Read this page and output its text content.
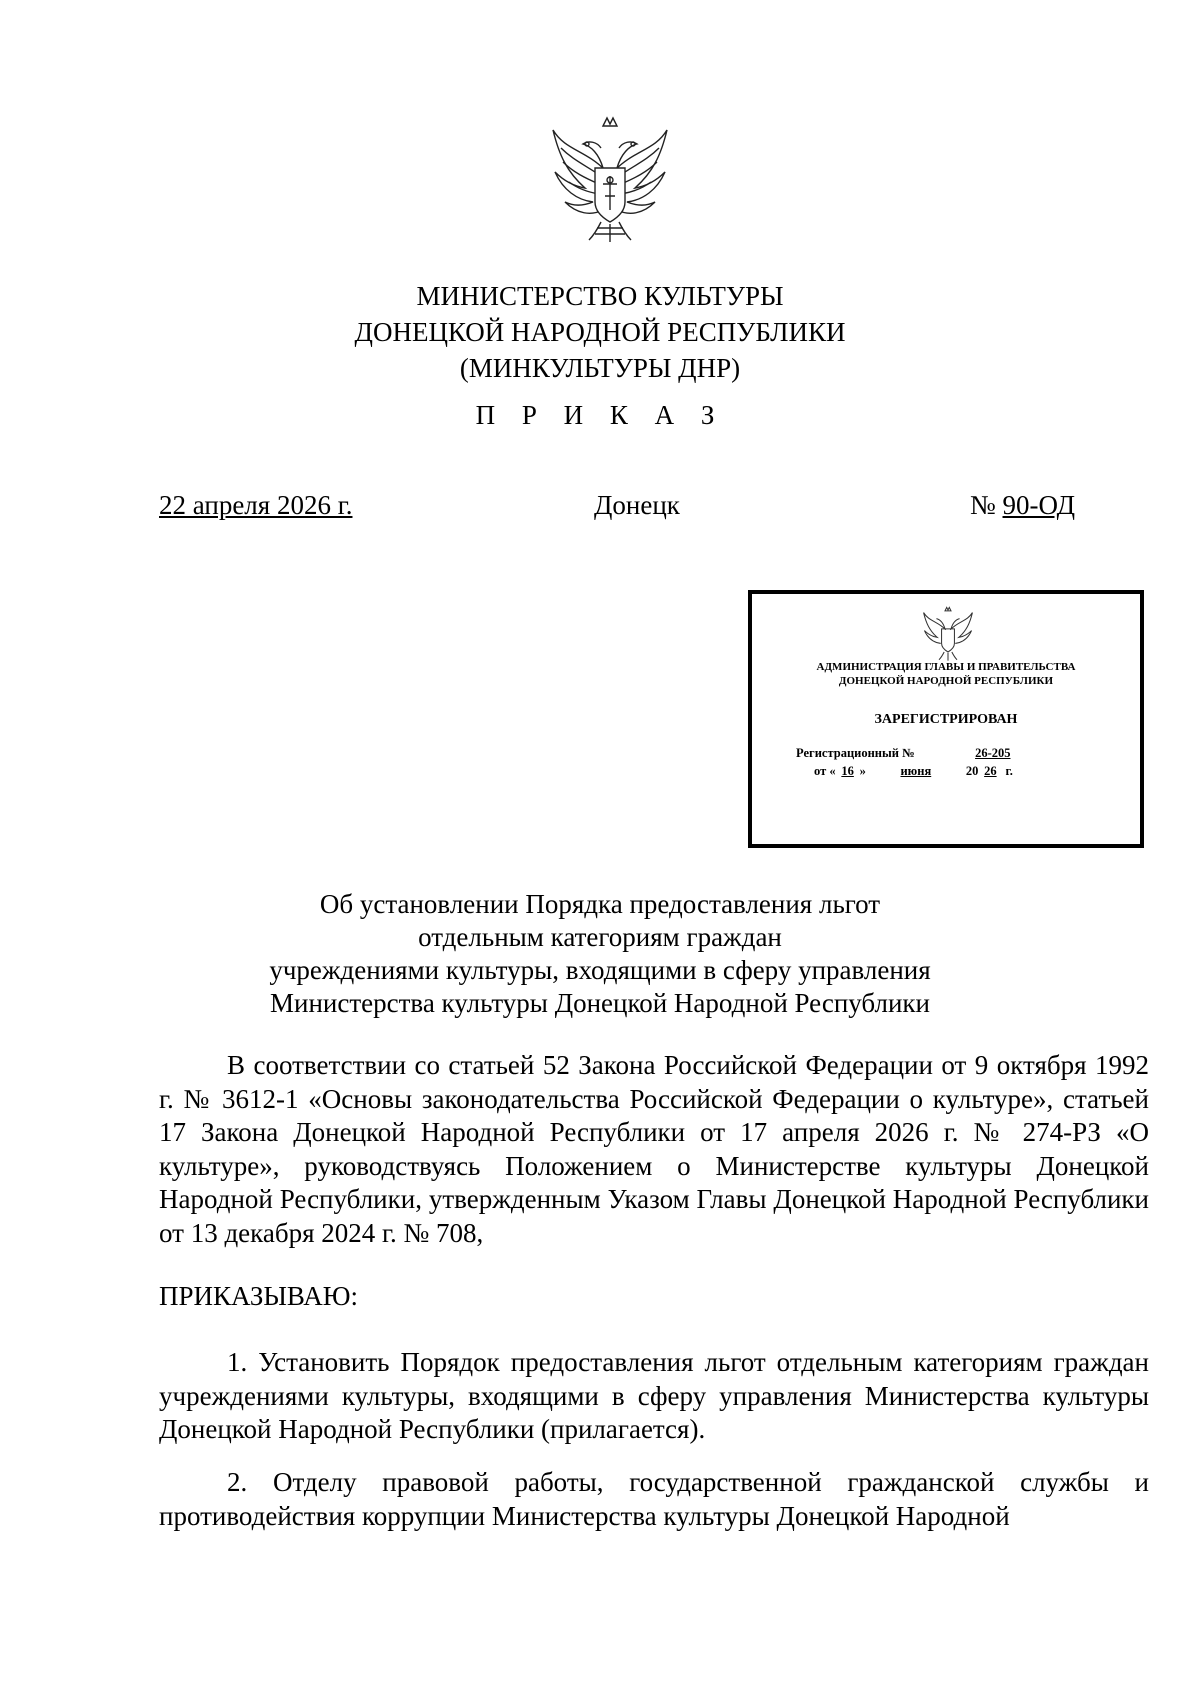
МИНИСТЕРСТВО КУЛЬТУРЫ
ДОНЕЦКОЙ НАРОДНОЙ РЕСПУБЛИКИ
(МИНКУЛЬТУРЫ ДНР)
П Р И К А З
22 апреля 2026 г.	Донецк	№ 90-ОД
АДМИНИСТРАЦИЯ ГЛАВЫ И ПРАВИТЕЛЬСТВА
ДОНЕЦКОЙ НАРОДНОЙ РЕСПУБЛИКИ
ЗАРЕГИСТРИРОВАН
Регистрационный №	26-205
от « 16 »	июня	20 26 г.
Об установлении Порядка предоставления льгот
отдельным категориям граждан
учреждениями культуры, входящими в сферу управления
Министерства культуры Донецкой Народной Республики
В соответствии со статьей 52 Закона Российской Федерации от 9 октября 1992 г. № 3612-1 «Основы законодательства Российской Федерации о культуре», статьей 17 Закона Донецкой Народной Республики от 17 апреля 2026 г. № 274-РЗ «О культуре», руководствуясь Положением о Министерстве культуры Донецкой Народной Республики, утвержденным Указом Главы Донецкой Народной Республики от 13 декабря 2024 г. № 708,
ПРИКАЗЫВАЮ:
1. Установить Порядок предоставления льгот отдельным категориям граждан учреждениями культуры, входящими в сферу управления Министерства культуры Донецкой Народной Республики (прилагается).
2. Отделу правовой работы, государственной гражданской службы и противодействия коррупции Министерства культуры Донецкой Народной
